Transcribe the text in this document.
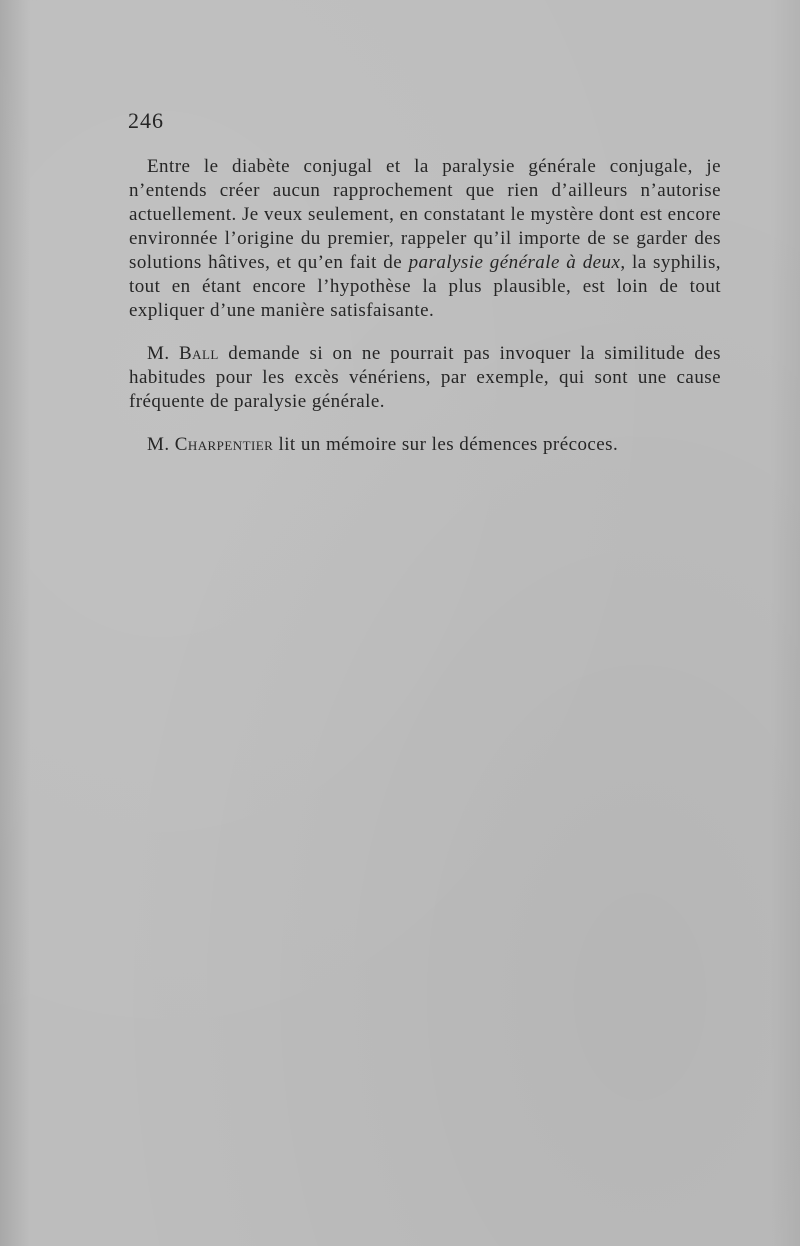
246

Entre le diabète conjugal et la paralysie générale conjugale, je n’entends créer aucun rapprochement que rien d’ailleurs n’autorise actuellement. Je veux seulement, en constatant le mystère dont est encore environnée l’origine du premier, rappeler qu’il importe de se garder des solutions hâtives, et qu’en fait de paralysie générale à deux, la syphilis, tout en étant encore l’hypothèse la plus plausible, est loin de tout expliquer d’une manière satisfaisante.

M. Ball demande si on ne pourrait pas invoquer la similitude des habitudes pour les excès vénériens, par exemple, qui sont une cause fréquente de paralysie générale.

M. Charpentier lit un mémoire sur les démences précoces.
